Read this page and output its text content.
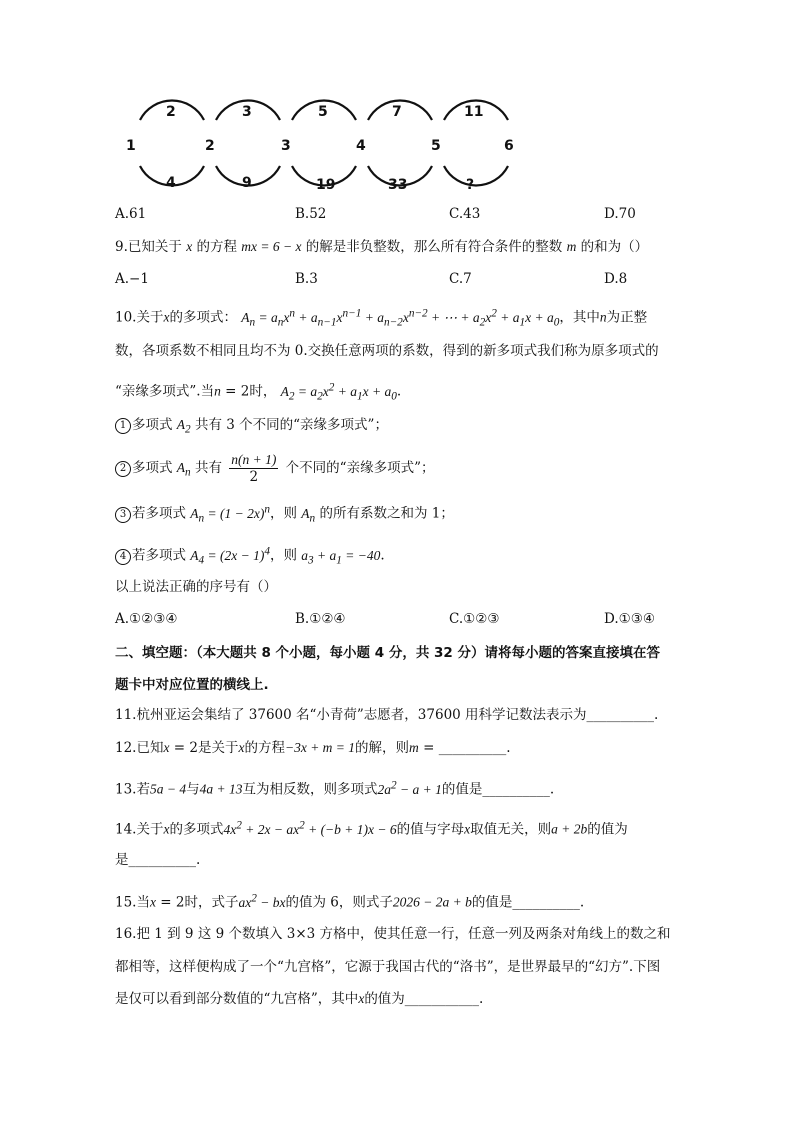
1
2	3	5	7	11
2	3	4	5	6
4	9	19	33	?
A.61	B.52	C.43	D.70
9.已知关于 x 的方程 mx = 6 − x 的解是非负整数，那么所有符合条件的整数 m 的和为（）
A.−1	B.3	C.7	D.8
10.关于x的多项式： $A_n = a_nx^n + a_{n-1}x^{n-1} + a_{n-2}x^{n-2}$ + ⋯ + $a_2x^2 + a_1x + a_0$，其中n为正整
数，各项系数不相同且均不为 0.交换任意两项的系数，得到的新多项式我们称为原多项式的
“亲缘多项式”.当n = 2时， $A_2 = a_2x^2 + a_1x + a_0$.
1 多项式 $A_2$ 共有 3 个不同的“亲缘多项式”；
2 多项式 $A_n$ 共有 $\frac{n(n + 1)}{2}$ 个不同的“亲缘多项式”；
3 若多项式 $A_n = (1 - 2x)^n$，则 $A_n$ 的所有系数之和为 1；
4 若多项式 $A_4 = (2x - 1)^4$，则 $a_3 + a_1 = -40$.
以上说法正确的序号有（）
A.①②③④	B.①②④	C.①②③	D.①③④
二、填空题：（本大题共 8 个小题，每小题 4 分，共 32 分）请将每小题的答案直接填在答
题卡中对应位置的横线上.
11.杭州亚运会集结了 37600 名“小青荷”志愿者，37600 用科学记数法表示为__________.
12.已知x = 2是关于x的方程−3x + m = 1的解，则m = __________.
13.若5a − 4与4a + 13互为相反数，则多项式$2a^2 - a + 1$的值是__________.
14.关于x的多项式$4x^2 + 2x - ax^2 + (-b + 1)x - 6$的值与字母x取值无关，则a + 2b的值为
是__________.
15.当x = 2时，式子$ax^2$ − bx的值为 6，则式子2026 − 2a + b的值是__________.
16.把 1 到 9 这 9 个数填入 3×3 方格中，使其任意一行，任意一列及两条对角线上的数之和
都相等，这样便构成了一个“九宫格”，它源于我国古代的“洛书”，是世界最早的“幻方”.下图
是仅可以看到部分数值的“九宫格”，其中x的值为___________.
